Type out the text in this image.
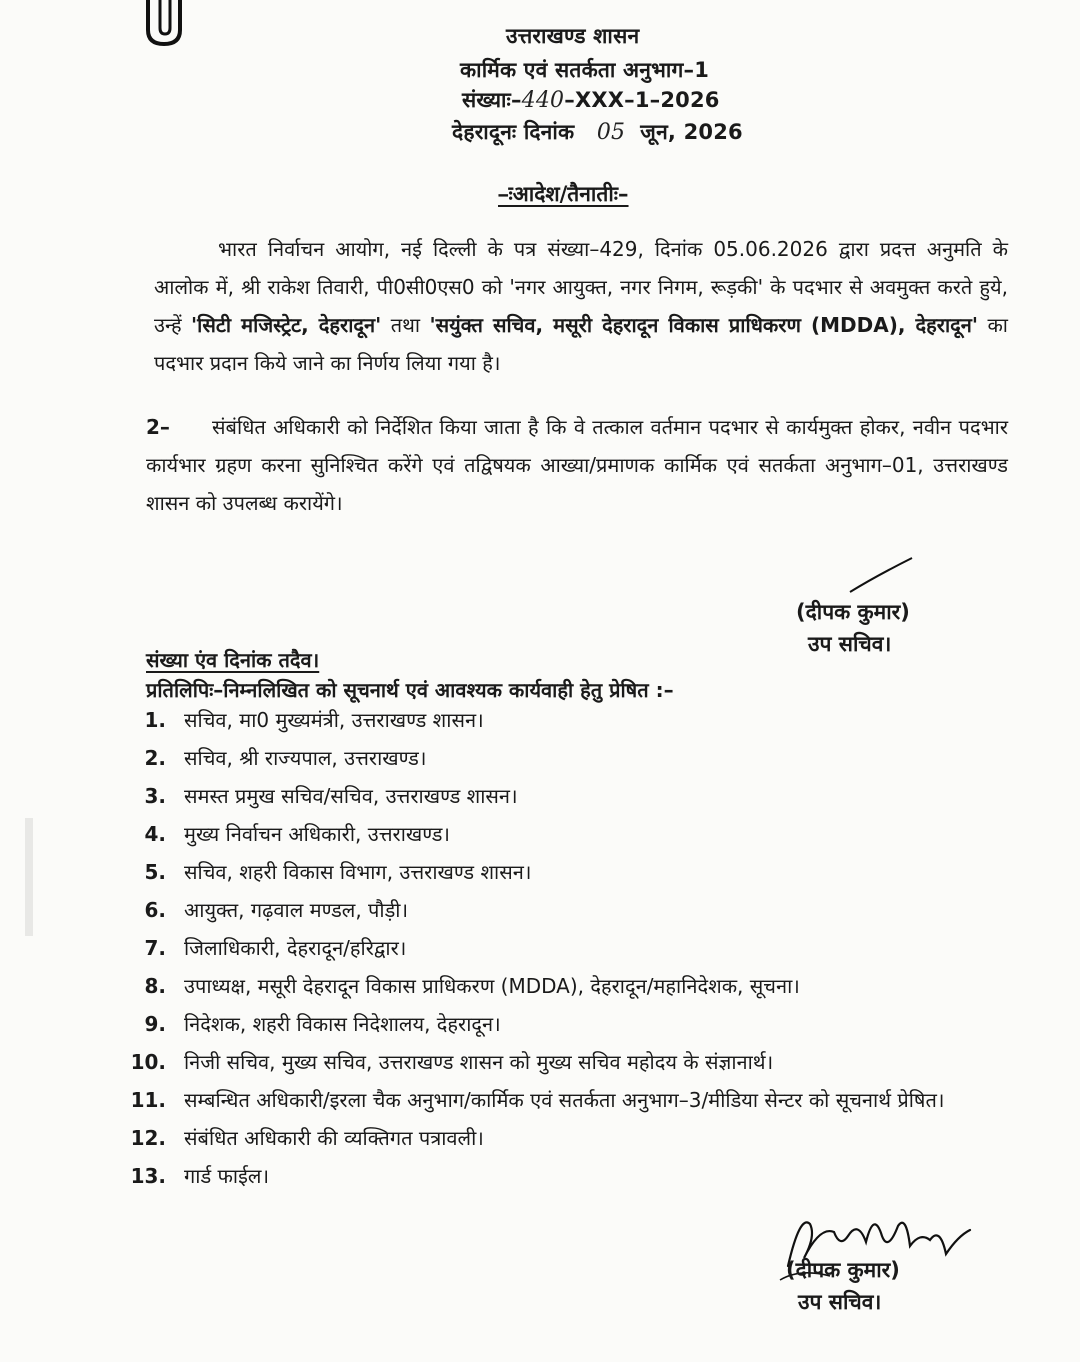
उत्तराखण्ड शासन
कार्मिक एवं सतर्कता अनुभाग–1
संख्याः–440–XXX–1–2026
देहरादूनः दिनांक 05 जून, 2026
–ःआदेश/तैनातीः–
भारत निर्वाचन आयोग, नई दिल्ली के पत्र संख्या–429, दिनांक 05.06.2026 द्वारा प्रदत्त अनुमति के आलोक में, श्री राकेश तिवारी, पी0सी0एस0 को 'नगर आयुक्त, नगर निगम, रूड़की' के पदभार से अवमुक्त करते हुये, उन्हें 'सिटी मजिस्ट्रेट, देहरादून' तथा 'सयुंक्त सचिव, मसूरी देहरादून विकास प्राधिकरण (MDDA), देहरादून' का पदभार प्रदान किये जाने का निर्णय लिया गया है।
2– संबंधित अधिकारी को निर्देशित किया जाता है कि वे तत्काल वर्तमान पदभार से कार्यमुक्त होकर, नवीन पदभार कार्यभार ग्रहण करना सुनिश्चित करेंगे एवं तद्विषयक आख्या/प्रमाणक कार्मिक एवं सतर्कता अनुभाग–01, उत्तराखण्ड शासन को उपलब्ध करायेंगे।
(दीपक कुमार)
उप सचिव।
संख्या एंव दिनांक तदैव।
प्रतिलिपिः–निम्नलिखित को सूचनार्थ एवं आवश्यक कार्यवाही हेतु प्रेषित :–
1. सचिव, मा0 मुख्यमंत्री, उत्तराखण्ड शासन।
2. सचिव, श्री राज्यपाल, उत्तराखण्ड।
3. समस्त प्रमुख सचिव/सचिव, उत्तराखण्ड शासन।
4. मुख्य निर्वाचन अधिकारी, उत्तराखण्ड।
5. सचिव, शहरी विकास विभाग, उत्तराखण्ड शासन।
6. आयुक्त, गढ़वाल मण्डल, पौड़ी।
7. जिलाधिकारी, देहरादून/हरिद्वार।
8. उपाध्यक्ष, मसूरी देहरादून विकास प्राधिकरण (MDDA), देहरादून/महानिदेशक, सूचना।
9. निदेशक, शहरी विकास निदेशालय, देहरादून।
10. निजी सचिव, मुख्य सचिव, उत्तराखण्ड शासन को मुख्य सचिव महोदय के संज्ञानार्थ।
11. सम्बन्धित अधिकारी/इरला चैक अनुभाग/कार्मिक एवं सतर्कता अनुभाग–3/मीडिया सेन्टर को सूचनार्थ प्रेषित।
12. संबंधित अधिकारी की व्यक्तिगत पत्रावली।
13. गार्ड फाईल।
(दीपक कुमार)
उप सचिव।
